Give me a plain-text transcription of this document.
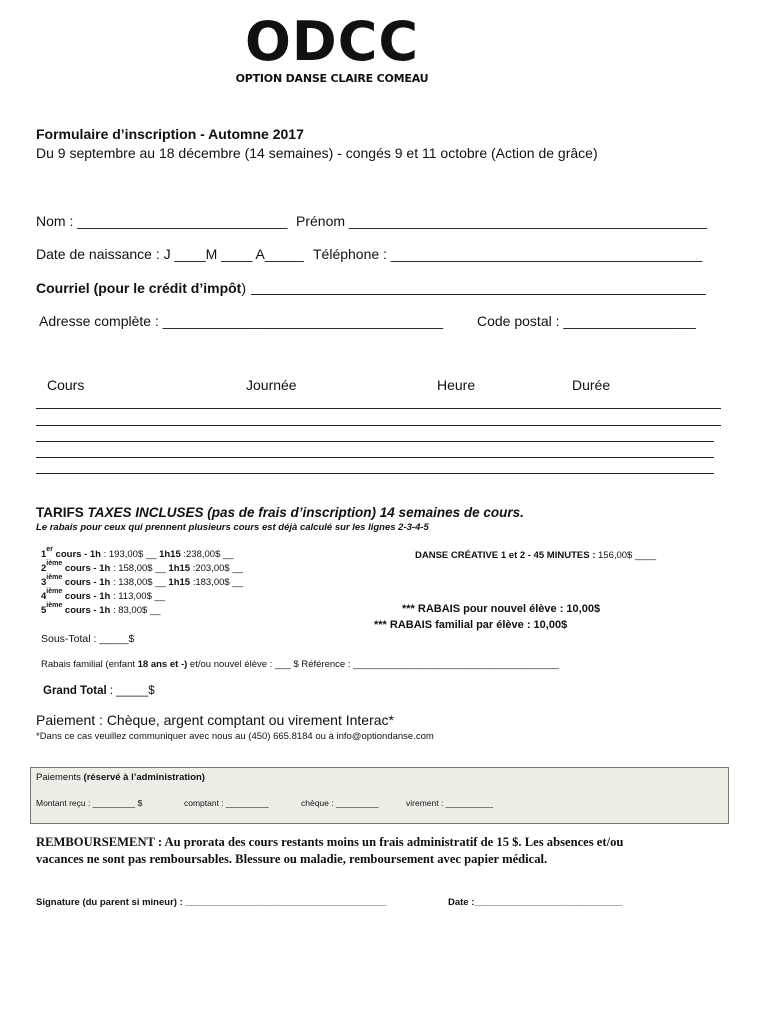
ODCC
OPTION DANSE CLAIRE COMEAU
Formulaire d’inscription - Automne 2017
Du 9 septembre au 18 décembre (14 semaines) - congés 9 et 11 octobre (Action de grâce)
Nom : ___________________________ Prénom ______________________________________________
Date de naissance : J ____M ____ A_____ Téléphone : ________________________________________
Courriel (pour le crédit d’impôt)
Adresse complète : ____________________________________ Code postal : _________________
Cours	Journée	Heure	Durée
TARIFS TAXES INCLUSES (pas de frais d’inscription) 14 semaines de cours.
Le rabais pour ceux qui prennent plusieurs cours est déjà calculé sur les lignes 2-3-4-5
1er cours - 1h : 193,00$ __ 1h15 :238,00$ __
2ième cours - 1h : 158,00$ __ 1h15 :203,00$ __
3ième cours - 1h : 138,00$ __ 1h15 :183,00$ __
4ième cours - 1h : 113,00$ __
5ième cours - 1h : 83,00$ __
DANSE CRÉATIVE 1 et 2 - 45 MINUTES : 156,00$ ____
*** RABAIS pour nouvel élève : 10,00$
*** RABAIS familial par élève : 10,00$
Sous-Total : _____$
Rabais familial (enfant 18 ans et -) et/ou nouvel élève : ___ $ Référence : _______________________________________
Grand Total : _____$
Paiement : Chèque, argent comptant ou virement Interac*
*Dans ce cas veuillez communiquer avec nous au (450) 665.8184 ou à info@optiondanse.com
Paiements (réservé à l’administration)
Montant reçu : _________ $	comptant : _________	chèque : _________	virement : __________
REMBOURSEMENT : Au prorata des cours restants moins un frais administratif de 15 $. Les absences et/ou
vacances ne sont pas remboursables. Blessure ou maladie, remboursement avec papier médical.
Signature (du parent si mineur) : ______________________________________	Date :____________________________
